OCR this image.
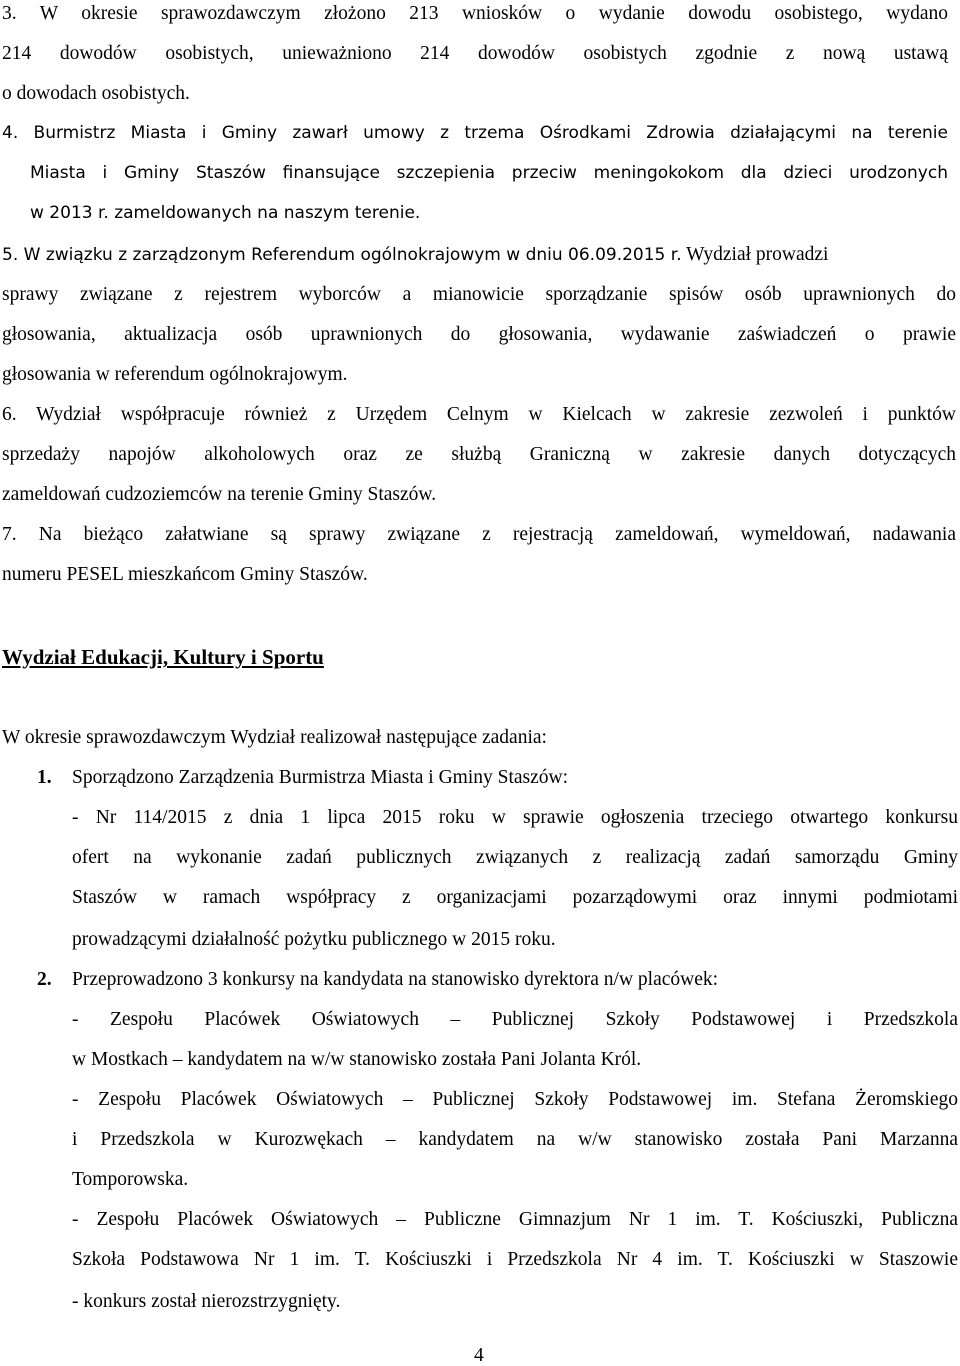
3. W okresie sprawozdawczym złożono 213 wniosków o wydanie dowodu osobistego, wydano
214 dowodów osobistych, unieważniono 214 dowodów osobistych zgodnie z nową ustawą
o dowodach osobistych.
4. Burmistrz Miasta i Gminy zawarł umowy z trzema Ośrodkami Zdrowia działającymi na terenie
Miasta i Gminy Staszów finansujące szczepienia przeciw meningokokom dla dzieci urodzonych
w 2013 r. zameldowanych na naszym terenie.
5. W związku z zarządzonym Referendum ogólnokrajowym w dniu 06.09.2015 r. Wydział prowadzi
sprawy związane z rejestrem wyborców a mianowicie sporządzanie spisów osób uprawnionych do
głosowania, aktualizacja osób uprawnionych do głosowania, wydawanie zaświadczeń o prawie
głosowania w referendum ogólnokrajowym.
6. Wydział współpracuje również z Urzędem Celnym w Kielcach w zakresie zezwoleń i punktów
sprzedaży napojów alkoholowych oraz ze służbą Graniczną w zakresie danych dotyczących
zameldowań cudzoziemców na terenie Gminy Staszów.
7. Na bieżąco załatwiane są sprawy związane z rejestracją zameldowań, wymeldowań, nadawania
numeru PESEL mieszkańcom Gminy Staszów.
Wydział Edukacji, Kultury i Sportu
W okresie sprawozdawczym Wydział realizował następujące zadania:
1. Sporządzono Zarządzenia Burmistrza Miasta i Gminy Staszów:
- Nr 114/2015 z dnia 1 lipca 2015 roku w sprawie ogłoszenia trzeciego otwartego konkursu
ofert na wykonanie zadań publicznych związanych z realizacją zadań samorządu Gminy
Staszów w ramach współpracy z organizacjami pozarządowymi oraz innymi podmiotami
prowadzącymi działalność pożytku publicznego w 2015 roku.
2. Przeprowadzono 3 konkursy na kandydata na stanowisko dyrektora n/w placówek:
- Zespołu Placówek Oświatowych – Publicznej Szkoły Podstawowej i Przedszkola
w Mostkach – kandydatem na w/w stanowisko została Pani Jolanta Król.
- Zespołu Placówek Oświatowych – Publicznej Szkoły Podstawowej im. Stefana Żeromskiego
i Przedszkola w Kurozwękach – kandydatem na w/w stanowisko została Pani Marzanna
Tomporowska.
- Zespołu Placówek Oświatowych – Publiczne Gimnazjum Nr 1 im. T. Kościuszki, Publiczna
Szkoła Podstawowa Nr 1 im. T. Kościuszki i Przedszkola Nr 4 im. T. Kościuszki w Staszowie
- konkurs został nierozstrzygnięty.
4
